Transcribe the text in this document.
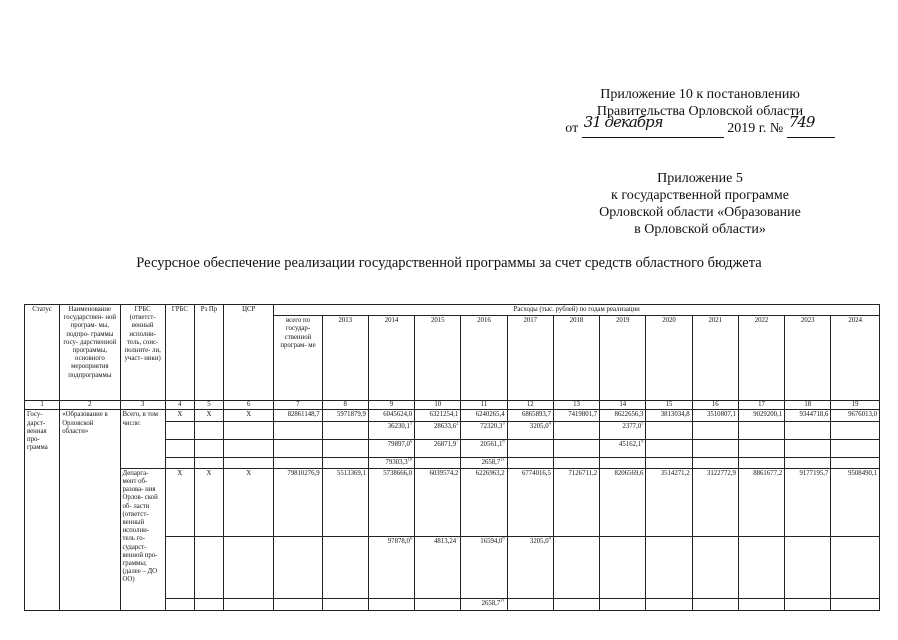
Приложение 10 к постановлению
Правительства Орловской области
от 31 декабря	2019 г. № 749
Приложение 5
к государственной программе
Орловской области «Образование
в Орловской области»
Ресурсное обеспечение реализации государственной программы за счет средств областного бюджета
Статус	Наименование государствен- ной програм- мы, подпро- граммы госу- дарственной программы, основного мероприятия подпрограммы	ГРБС (ответст- венный исполни- тель, соис- полните- ли, участ- ники)	ГРБС	Рз Пр	ЦСР	Расходы (тыс. рублей) по годам реализации												
						всего по государ- ственной програм- ме	2013	2014	2015	2016	2017	2018	2019	2020	2021	2022	2023	2024
1	2	3	4	5	6	7	8	9	10	11	12	13	14	15	16	17	18	19
Госу- дарст- венная про- грамма	«Образование в Орловской области»	Всего, в том числе:	X	X	X	82861148,7	5971879,9	6045624,0	6321254,1	6240265,4	6865893,7	7419801,7	8622656,3	3813034,8	3510807,1	9029200,1	9344718,6	9676013,0
								36230,1$^1$	28633,6$^2$	72320,3$^3$	3205,0$^4$		2377,0$^5$					
								79897,0$^6$	26871,9$^7$	20561,1$^8$			45162,1$^9$					
								79303,3$^{10}$		2658,7$^{11}$								
		Депарга- мент об- разова- ния Орлов- ской об- ласти (ответст- венный исполни- тель го- сударст- венной про- граммы; (далее – ДО ОО)	X	X	X	79810276,9	5513369,1	5738666,0	6039574,2	6226963,2	6774016,5	7126711,2	8206569,6	3514271,2	3122772,9	8861677,2	9177195,7	9508490,1
								97878,0$^6$	4813,24$^7$	16594,0$^8$	3205,0$^4$							
										2658,7$^{11}$								
